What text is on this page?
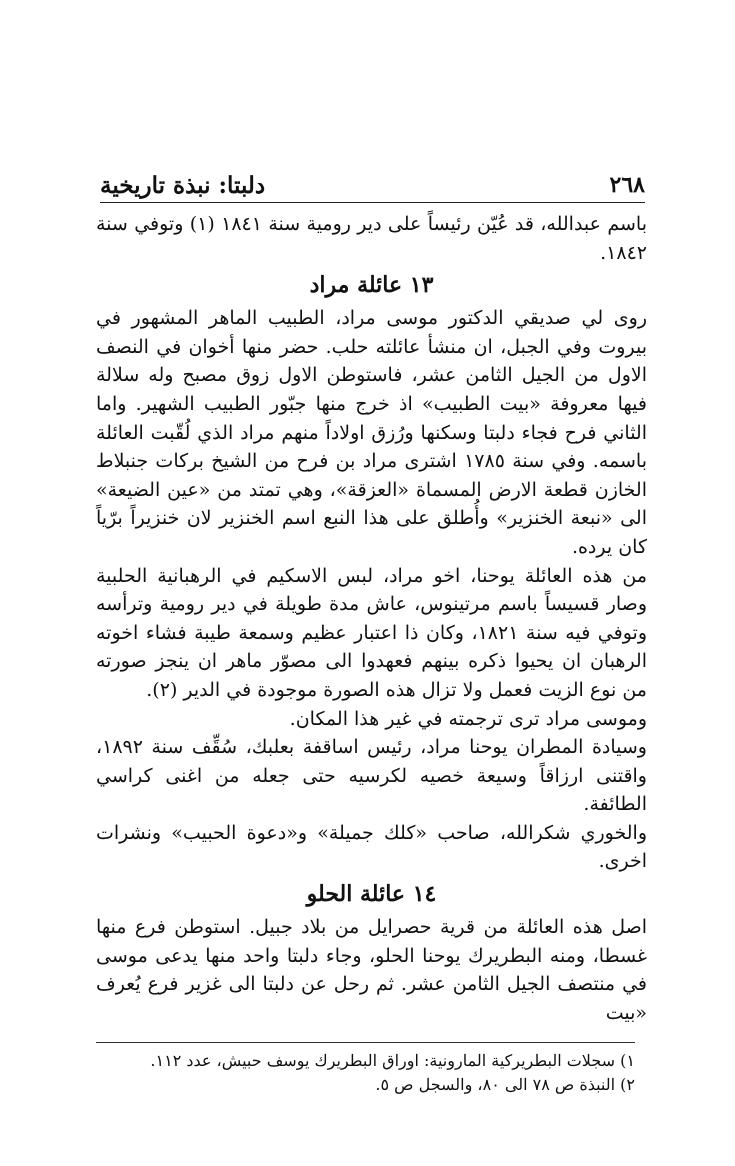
٢٦٨
دلبتا: نبذة تاريخية

باسم عبدالله، قد عُيّن رئيساً على دير رومية سنة ١٨٤١ (١) وتوفي سنة ١٨٤٢.

١٣ عائلة مراد

روى لي صديقي الدكتور موسى مراد، الطبيب الماهر المشهور في بيروت وفي الجبل، ان منشأ عائلته حلب. حضر منها أخوان في النصف الاول من الجيل الثامن عشر، فاستوطن الاول زوق مصبح وله سلالة فيها معروفة «بيت الطبيب» اذ خرج منها جبّور الطبيب الشهير. واما الثاني فرح فجاء دلبتا وسكنها ورُزق اولاداً منهم مراد الذي لُقّبت العائلة باسمه. وفي سنة ١٧٨٥ اشترى مراد بن فرح من الشيخ بركات جنبلاط الخازن قطعة الارض المسماة «العزقة»، وهي تمتد من «عين الضيعة» الى «نبعة الخنزير» وأُطلق على هذا النبع اسم الخنزير لان خنزيراً برّياً كان يرده.

من هذه العائلة يوحنا، اخو مراد، لبس الاسكيم في الرهبانية الحلبية وصار قسيساً باسم مرتينوس، عاش مدة طويلة في دير رومية وترأسه وتوفي فيه سنة ١٨٢١، وكان ذا اعتبار عظيم وسمعة طيبة فشاء اخوته الرهبان ان يحيوا ذكره بينهم فعهدوا الى مصوّر ماهر ان ينجز صورته من نوع الزيت فعمل ولا تزال هذه الصورة موجودة في الدير (٢).

وموسى مراد ترى ترجمته في غير هذا المكان.

وسيادة المطران يوحنا مراد، رئيس اساقفة بعلبك، سُقِّف سنة ١٨٩٢، واقتنى ارزاقاً وسيعة خصيه لكرسيه حتى جعله من اغنى كراسي الطائفة.

والخوري شكرالله، صاحب «كلك جميلة» و«دعوة الحبيب» ونشرات اخرى.

١٤ عائلة الحلو

اصل هذه العائلة من قرية حصرايل من بلاد جبيل. استوطن فرع منها غسطا، ومنه البطريرك يوحنا الحلو، وجاء دلبتا واحد منها يدعى موسى في منتصف الجيل الثامن عشر. ثم رحل عن دلبتا الى غزير فرع يُعرف «بيت

١) سجلات البطريركية المارونية: اوراق البطريرك يوسف حبيش، عدد ١١٢.
٢) النبذة ص ٧٨ الى ٨٠، والسجل ص ٥.
